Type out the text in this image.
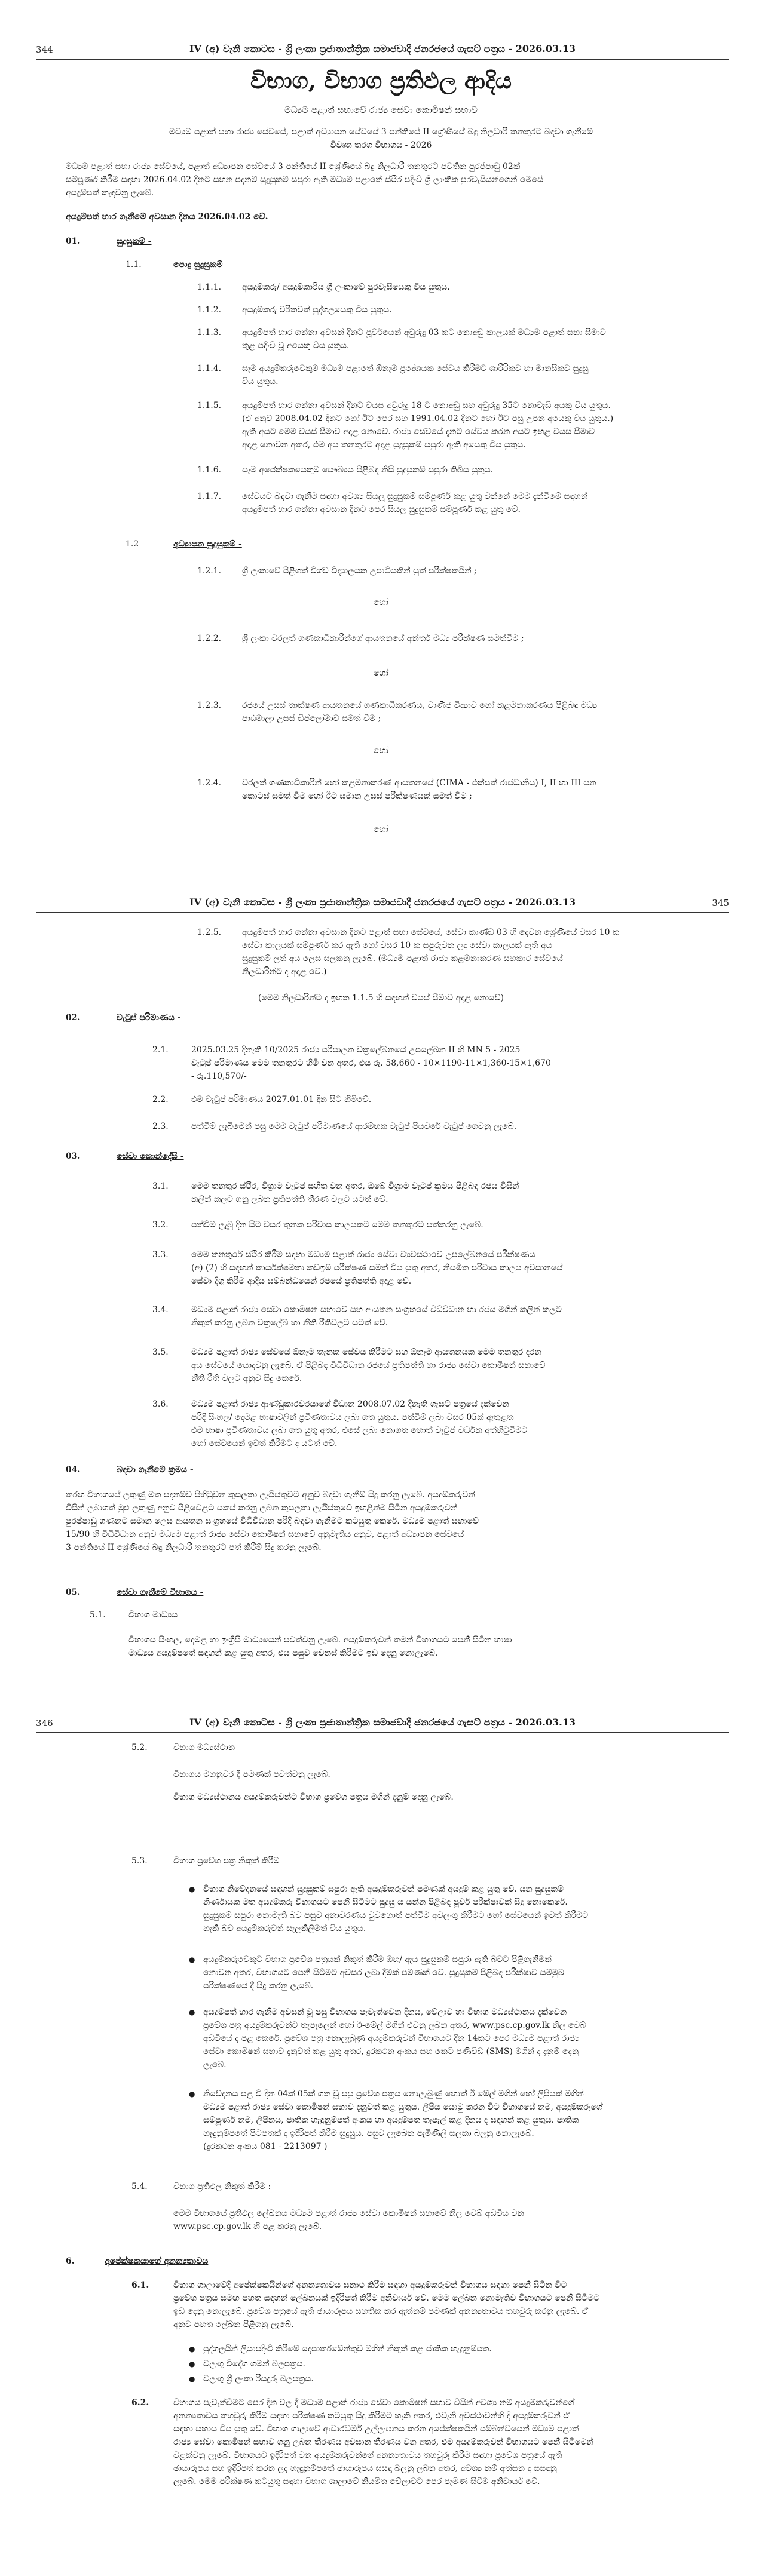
344	IV (අ) වැනි කොටස - ශ්‍රී ලංකා ප්‍රජාතාන්ත්‍රික සමාජවාදී ජනරජයේ ගැසට් පත්‍රය - 2026.03.13
විභාග, විභාග ප්‍රතිඵල ආදිය
මධ්‍යම පළාත් සභාවේ රාජ්‍ය සේවා කොමිෂන් සභාව
මධ්‍යම පළාත් සභා රාජ්‍ය සේවයේ, පළාත් අධ්‍යාපන සේවයේ 3 පන්තියේ II ශ්‍රේණියේ බඳු නිලධාරී තනතුරට බඳවා ගැනීමේ
විවෘත තරග විභාගය - 2026
මධ්‍යම පළාත් සභා රාජ්‍ය සේවයේ, පළාත් අධ්‍යාපන සේවයේ 3 පන්තියේ II ශ්‍රේණියේ බඳු නිලධාරී තනතුරට පවතින පුරප්පාඩු 02ක්
සම්පූර්ණ කිරීම සඳහා 2026.04.02 දිනට සහන පදනම් සුදුසුකම් සපුරා ඇති මධ්‍යම පළාතේ ස්ථිර පදිංචි ශ්‍රී ලාංකික පුරවැසියන්ගෙන් මෙසේ
අයදුම්පත් කැඳවනු ලැබේ.
අයදුම්පත් භාර ගැනීමේ අවසාන දිනය 2026.04.02 වේ.
01.	සුදුසුකම් -
1.1.	පොදු සුදුසුකම්
1.1.1. අයදුම්කරු/ අයදුම්කාරිය ශ්‍රී ලංකාවේ පුරවැසියෙකු විය යුතුය.
1.1.2. අයදුම්කරු චරිතවත් පුද්ගලයෙකු විය යුතුය.
1.1.3. අයදුම්පත් භාර ගන්නා අවසන් දිනට පූර්වයෙන් අවුරුදු 03 කට නොඅඩු කාලයක් මධ්‍යම පළාත් සභා සීමාව
තුළ පදිංචි වූ අයෙකු විය යුතුය.
1.1.4. සෑම අයදුම්කරුවෙකුම මධ්‍යම පළාතේ ඕනෑම ප්‍රදේශයක සේවය කිරීමට ශාරීරිකව හා මානසිකව සුදුසු
විය යුතුය.
1.1.5. අයදුම්පත් භාර ගන්නා අවසන් දිනට වයස අවුරුදු 18 ට නොඅඩු සහ අවුරුදු 35ට නොවැඩි අයකු විය යුතුය.
(ඒ අනුව 2008.04.02 දිනට හෝ ඊට පෙර සහ 1991.04.02 දිනට හෝ ඊට පසු උපන් අයෙකු විය යුතුය.)
ඇති අයට මෙම වයස් සීමාව අදාළ නොවේ. රාජ්‍ය සේවයේ දැනට සේවය කරන අයට ඉහළ වයස් සීමාව
අදාළ නොවන අතර, එම අය තනතුරට අදාළ සුදුසුකම් සපුරා ඇති අයෙකු විය යුතුය.
1.1.6. සෑම අපේක්ෂකයෙකුම සෞඛ්‍යය පිළිබඳ නිසි සුදුසුකම් සපුරා තිබිය යුතුය.
1.1.7. සේවයට බඳවා ගැනීම සඳහා අවශ්‍ය සියලු සුදුසුකම් සම්පූර්ණ කළ යුතු වන්නේ මෙම දැන්වීමේ සඳහන්
අයදුම්පත් භාර ගන්නා අවසාන දිනට පෙර සියලු සුදුසුකම් සම්පූර්ණ කළ යුතු වේ.
1.2	අධ්‍යාපන සුදුසුකම් -
1.2.1. ශ්‍රී ලංකාවේ පිළිගත් විශ්ව විද්‍යාලයක උපාධියකින් යුත් පරීක්ෂකයින් ;
හෝ
1.2.2. ශ්‍රී ලංකා වරලත් ගණකාධිකාරීන්ගේ ආයතනයේ අන්තර් මධ්‍ය පරීක්ෂණ සමත්වීම ;
හෝ
1.2.3. රජයේ උසස් තාක්ෂණ ආයතනයේ ගණකාධිකරණය, වාණිජ විද්‍යාව හෝ කළමනාකරණය පිළිබඳ මධ්‍ය
පාඨමාලා උසස් ඩිප්ලෝමාව සමත් වීම ;
හෝ
1.2.4. වරලත් ගණකාධිකාරීන් හෝ කළමනාකරණ ආයතනයේ (CIMA - එක්සත් රාජධානිය) I, II හා III යන
කොටස් සමත් වීම හෝ ඊට සමාන උසස් පරීක්ෂණයක් සමත් වීම ;
හෝ
IV (අ) වැනි කොටස - ශ්‍රී ලංකා ප්‍රජාතාන්ත්‍රික සමාජවාදී ජනරජයේ ගැසට් පත්‍රය - 2026.03.13	345
1.2.5. අයදුම්පත් භාර ගන්නා අවසාන දිනට පළාත් සභා සේවයේ, සේවා කාණ්ඩ 03 හි දෙවන ශ්‍රේණියේ වසර 10 ක
සේවා කාලයක් සම්පූර්ණ කර ඇති හෝ වසර 10 ක සපුරුවන ලද සේවා කාලයක් ඇති අය
සුදුසුකම් ලත් අය ලෙස සලකනු ලැබේ. (මධ්‍යම පළාත් රාජ්‍ය කළමනාකරණ සහකාර සේවයේ
නිලධාරින්ට ද අදාළ වේ.)
(මෙම නිලධාරින්ට ද ඉහත 1.1.5 හි සඳහන් වයස් සීමාව අදාළ නොවේ)
02.	වැටුප් පරිමාණය -
2.1.	2025.03.25 දිනැති 10/2025 රාජ්‍ය පරිපාලන චක්‍රලේඛනයේ උපලේඛන II හි MN 5 - 2025
වැටුප් පරිමාණය මෙම තනතුරට හිමි වන අතර, එය රු. 58,660 - 10×1190-11×1,360-15×1,670
- රු.110,570/-
2.2.	එම වැටුප් පරිමාණය 2027.01.01 දින සිට හිමිවේ.
2.3.	පත්වීම් ලැබීමෙන් පසු මෙම වැටුප් පරිමාණයේ ආරම්භක වැටුප් පියවරේ වැටුප් ගෙවනු ලැබේ.
03.	සේවා කොන්දේසි -
3.1.	මෙම තනතුර ස්ථිර, විශ්‍රාම වැටුප් සහිත වන අතර, ඔබේ විශ්‍රාම වැටුප් ක්‍රමය පිළිබඳ රජය විසින්
කලින් කලට ගනු ලබන ප්‍රතිපත්ති තීරණ වලට යටත් වේ.
3.2.	පත්වීම ලැබූ දින සිට වසර තුනක පරිවාස කාලයකට මෙම තනතුරට පත්කරනු ලැබේ.
3.3.	මෙම තනතුරේ ස්ථිර කිරීම සඳහා මධ්‍යම පළාත් රාජ්‍ය සේවා ව්‍යවස්ථාවේ උපලේඛනයේ පරීක්ෂණය
(අ) (2) හි සඳහන් කාර්යක්ෂමතා කඩඉම් පරීක්ෂණ සමත් විය යුතු අතර, නියමිත පරිවාස කාලය අවසානයේ
සේවා දිගු කිරීම ආදිය සම්බන්ධයෙන් රජයේ ප්‍රතිපත්ති අදාළ වේ.
3.4.	මධ්‍යම පළාත් රාජ්‍ය සේවා කොමිෂන් සභාවේ සහ ආයතන සංග්‍රහයේ විධිවිධාන හා රජය මගින් කලින් කලට
නිකුත් කරනු ලබන චක්‍රලේඛ හා නීති රීතිවලට යටත් වේ.
3.5.	මධ්‍යම පළාත් රාජ්‍ය සේවයේ ඕනෑම තැනක සේවය කිරීමට සහ ඕනෑම ආයතනයක මෙම තනතුර දරන
අය සේවයේ යොදවනු ලැබේ. ඒ පිළිබඳ විධිවිධාන රජයේ ප්‍රතිපත්ති හා රාජ්‍ය සේවා කොමිෂන් සභාවේ
නීති රීති වලට අනුව සිදු කෙරේ.
3.6.	මධ්‍යම පළාත් රාජ්‍ය ආණ්ඩුකාරවරයාගේ විධාන 2008.07.02 දිනැති ගැසට් පත්‍රයේ දැක්වෙන
පරිදි සිංහල/ දෙමළ භාෂාවලින් ප්‍රවීණතාවය ලබා ගත යුතුය. පත්වීම් ලබා වසර 05ක් ඇතුළත
එම භාෂා ප්‍රවීණතාවය ලබා ගත යුතු අතර, එසේ ලබා නොගත හොත් වැටුප් වර්ධක අත්හිටුවීමට
හෝ සේවයෙන් ඉවත් කිරීමට ද යටත් වේ.
04.	බඳවා ගැනීමේ ක්‍රමය -
තරඟ විභාගයේ ලකුණු මත පදනම්ව පිහිටුවන කුසලතා ලැයිස්තුවට අනුව බඳවා ගැනීම් සිදු කරනු ලැබේ. අයදුම්කරුවන්
විසින් ලබාගත් මුළු ලකුණු අනුව පිළිවෙළට සකස් කරනු ලබන කුසලතා ලැයිස්තුවේ ඉහළින්ම සිටින අයදුම්කරුවන්
පුරප්පාඩු ගණනට සමාන ලෙස ආයතන සංග්‍රහයේ විධිවිධාන පරිදි බඳවා ගැනීමට කටයුතු කෙරේ. මධ්‍යම පළාත් සභාවේ
15/90 හි විධිවිධාන අනුව මධ්‍යම පළාත් රාජ්‍ය සේවා කොමිෂන් සභාවේ අනුමැතිය අනුව, පළාත් අධ්‍යාපන සේවයේ
3 පන්තියේ II ශ්‍රේණියේ බඳු නිලධාරී තනතුරට පත් කිරීම් සිදු කරනු ලැබේ.
05.	සේවා ගැනීමේ විභාගය -
5.1.	විභාග මාධ්‍යය
විභාගය සිංහල, දෙමළ හා ඉංග්‍රීසි මාධ්‍යයෙන් පවත්වනු ලැබේ. අයදුම්කරුවන් තමන් විභාගයට පෙනී සිටින භාෂා
මාධ්‍යය අයදුම්පතේ සඳහන් කළ යුතු අතර, එය පසුව වෙනස් කිරීමට ඉඩ දෙනු නොලැබේ.
346	IV (අ) වැනි කොටස - ශ්‍රී ලංකා ප්‍රජාතාන්ත්‍රික සමාජවාදී ජනරජයේ ගැසට් පත්‍රය - 2026.03.13
5.2.	විභාග මධ්‍යස්ථාන
විභාගය මහනුවර දී පමණක් පවත්වනු ලැබේ.
විභාග මධ්‍යස්ථානය අයදුම්කරුවන්ට විභාග ප්‍රවේශ පත්‍රය මගින් දැනුම් දෙනු ලැබේ.
5.3.	විභාග ප්‍රවේශ පත්‍ර නිකුත් කිරීම
● විභාග නිවේදනයේ සඳහන් සුදුසුකම් සපුරා ඇති අයදුම්කරුවන් පමණක් අයදුම් කළ යුතු වේ. යන සුදුසුකම්
නිර්ණායක මත අයදුම්කරු විභාගයට පෙනී සිටීමට සුදුසු ය යන්න පිළිබඳ පූර්ව පරීක්ෂාවක් සිදු නොකෙරේ.
සුදුසුකම් සපුරා නොමැති බව පසුව අනාවරණය වුවහොත් පත්වීම අවලංගු කිරීමට හෝ සේවයෙන් ඉවත් කිරීමට
හැකි බව අයදුම්කරුවන් සැලකිලිමත් විය යුතුය.
● අයදුම්කරුවෙකුට විභාග ප්‍රවේශ පත්‍රයක් නිකුත් කිරීම ඔහු/ ඇය සුදුසුකම් සපුරා ඇති බවට පිළිගැනීමක්
නොවන අතර, විභාගයට පෙනී සිටීමට අවසර ලබා දීමක් පමණක් වේ. සුදුසුකම් පිළිබඳ පරීක්ෂාව සම්මුඛ
පරීක්ෂණයේ දී සිදු කරනු ලැබේ.
● අයදුම්පත් භාර ගැනීම අවසන් වූ පසු විභාගය පැවැත්වෙන දිනය, වේලාව හා විභාග මධ්‍යස්ථානය දැක්වෙන
ප්‍රවේශ පත්‍ර අයදුම්කරුවන්ට තැපෑලෙන් හෝ ඊ-මේල් මගින් එවනු ලබන අතර, www.psc.cp.gov.lk නිල වෙබ්
අඩවියේ ද පළ කෙරේ. ප්‍රවේශ පත්‍ර නොලැබුණු අයදුම්කරුවන් විභාගයට දින 14කට පෙර මධ්‍යම පළාත් රාජ්‍ය
සේවා කොමිෂන් සභාව දැනුවත් කළ යුතු අතර, දුරකථන අංකය සහ කෙටි පණිවිඩ (SMS) මගින් ද දැනුම් දෙනු
ලැබේ.
● නිවේදනය පළ වී දින 04ක් 05ක් ගත වූ පසු ප්‍රවේශ පත්‍රය නොලැබුණු හොත් ඊ මේල් මගින් හෝ ලිපියක් මගින්
මධ්‍යම පළාත් රාජ්‍ය සේවා කොමිෂන් සභාව දැනුවත් කළ යුතුය. ලිපිය යොමු කරන විට විභාගයේ නම, අයදුම්කරුගේ
සම්පූර්ණ නම, ලිපිනය, ජාතික හැඳුනුම්පත් අංකය හා අයදුම්පත තැපැල් කළ දිනය ද සඳහන් කළ යුතුය. ජාතික
හැඳුනුම්පතේ පිටපතක් ද ඉදිරිපත් කිරීම සුදුසුය. පසුව ලැබෙන පැමිණිලි සලකා බලනු නොලැබේ.
(දුරකථන අංකය 081 - 2213097 )
5.4.	විභාග ප්‍රතිඵල නිකුත් කිරීම :
මෙම විභාගයේ ප්‍රතිඵල ලේඛනය මධ්‍යම පළාත් රාජ්‍ය සේවා කොමිෂන් සභාවේ නිල වෙබ් අඩවිය වන
www.psc.cp.gov.lk හි පළ කරනු ලැබේ.
6.	අපේක්ෂකයාගේ අනන්‍යතාවය
6.1.	විභාග ශාලාවේදී අපේක්ෂකයින්ගේ අනන්‍යතාවය සනාථ කිරීම සඳහා අයදුම්කරුවන් විභාගය සඳහා පෙනී සිටින විට
ප්‍රවේශ පත්‍රය සමඟ පහත සඳහන් ලේඛනයක් ඉදිරිපත් කිරීම අනිවාර්ය වේ. මෙම ලේඛන නොමැතිව විභාගයට පෙනී සිටීමට
ඉඩ දෙනු නොලැබේ. ප්‍රවේශ පත්‍රයේ ඇති ඡායාරූපය සහතික කර ඇත්නම් පමණක් අනන්‍යතාවය තහවුරු කරනු ලැබේ. ඒ
අනුව පහත ලේඛන පිළිගනු ලැබේ.
● පුද්ගලයින් ලියාපදිංචි කිරීමේ දෙපාර්තමේන්තුව මගින් නිකුත් කළ ජාතික හැඳුනුම්පත.
● වලංගු විදේශ ගමන් බලපත්‍රය.
● වලංගු ශ්‍රී ලංකා රියදුරු බලපත්‍රය.
6.2.	විභාගය පැවැත්වීමට පෙර දින වල දී මධ්‍යම පළාත් රාජ්‍ය සේවා කොමිෂන් සභාව විසින් අවශ්‍ය නම් අයදුම්කරුවන්ගේ
අනන්‍යතාවය තහවුරු කිරීම සඳහා පරීක්ෂණ කටයුතු සිදු කිරීමට හැකි අතර, එවැනි අවස්ථාවන්හි දී අයදුම්කරුවන් ඒ
සඳහා සහාය විය යුතු වේ. විභාග ශාලාවේ ආචාරධර්ම උල්ලංඝනය කරන අපේක්ෂකයින් සම්බන්ධයෙන් මධ්‍යම පළාත්
රාජ්‍ය සේවා කොමිෂන් සභාව ගනු ලබන තීරණය අවසාන තීරණය වන අතර, එම අයදුම්කරුවන් විභාගයට පෙනී සිටීමෙන්
වළක්වනු ලැබේ. විභාගයට ඉදිරිපත් වන අයදුම්කරුවන්ගේ අනන්‍යතාවය තහවුරු කිරීම සඳහා ප්‍රවේශ පත්‍රයේ ඇති
ඡායාරූපය සහ ඉදිරිපත් කරන ලද හැඳුනුම්පතේ ඡායාරූපය සසඳා බලනු ලබන අතර, අවශ්‍ය නම් අත්සන ද සසඳනු
ලැබේ. මෙම පරීක්ෂණ කටයුතු සඳහා විභාග ශාලාවේ නියමිත වේලාවට පෙර පැමිණ සිටීම අනිවාර්ය වේ.
